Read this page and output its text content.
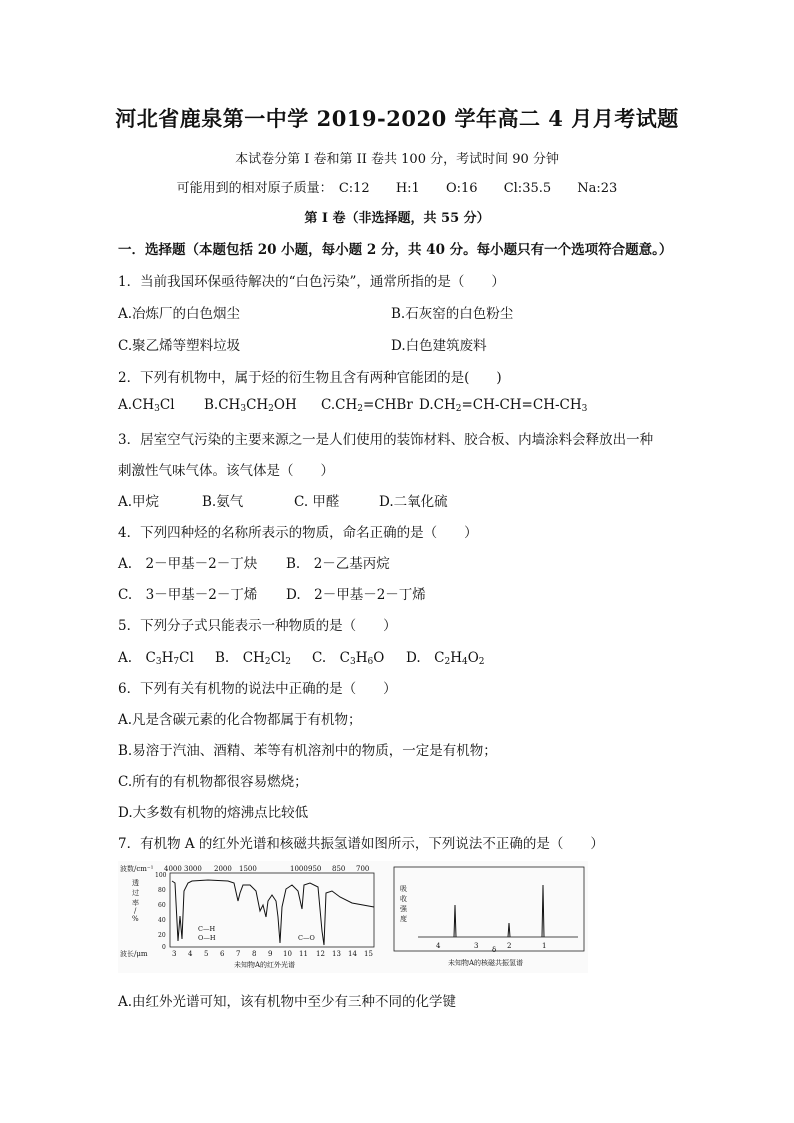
河北省鹿泉第一中学 2019-2020 学年高二 4 月月考试题
本试卷分第 I 卷和第 II 卷共 100 分，考试时间 90 分钟
可能用到的相对原子质量： C:12 H:1 O:16 Cl:35.5 Na:23
第 I 卷（非选择题，共 55 分）
一．选择题（本题包括 20 小题，每小题 2 分，共 40 分。每小题只有一个选项符合题意。）
1．当前我国环保亟待解决的“白色污染”，通常所指的是（　　）
A.冶炼厂的白色烟尘	B.石灰窑的白色粉尘
C.聚乙烯等塑料垃圾	D.白色建筑废料
2．下列有机物中，属于烃的衍生物且含有两种官能团的是(　　)
$A.CH_3Cl$ $B.CH_3CH_2OH$ $C.CH_2=CHBr$ $D.CH_2=CH-CH=CH-CH_3$
3．居室空气污染的主要来源之一是人们使用的装饰材料、胶合板、内墙涂料会释放出一种
刺激性气味气体。该气体是（　　）
A.甲烷	B.氨气	C. 甲醛	D.二氧化硫
4．下列四种烃的名称所表示的物质，命名正确的是（　　）
A.　2－甲基－2－丁炔 B.　2－乙基丙烷
C.　3－甲基－2－丁烯 D.　2－甲基－2－丁烯
5．下列分子式只能表示一种物质的是（　　）
A.　$C_3H_7Cl$ B.　$CH_2Cl_2$ C.　$C_3H_6O$ D.　$C_2H_4O_2$
6．下列有关有机物的说法中正确的是（　　）
A.凡是含碳元素的化合物都属于有机物；
B.易溶于汽油、酒精、苯等有机溶剂中的物质，一定是有机物；
C.所有的有机物都很容易燃烧；
D.大多数有机物的熔沸点比较低
7．有机物 A 的红外光谱和核磁共振氢谱如图所示，下列说法不正确的是（　　）
波数/cm⁻¹ 4000 3000 2000 1500	1000 950 850 700
透
过
率
/
%
100
80
60
40
20
0
C—H
O—H	C—O
波长/μm	3 4 5 6 7 8 9 10 11 12 13 14 15
未知物A的红外光谱
吸
收
强
度
4	3	2	1
δ
未知物A的核磁共振氢谱
A.由红外光谱可知，该有机物中至少有三种不同的化学键
